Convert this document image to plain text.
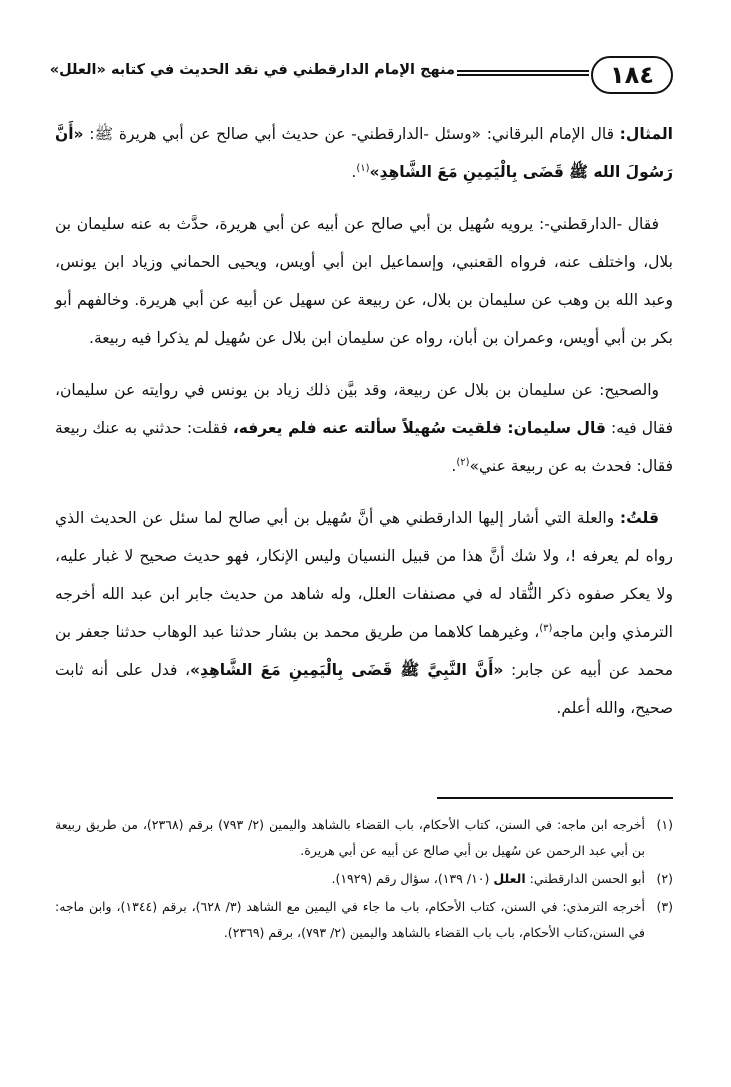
١٨٤
منهج الإمام الدارقطني في نقد الحديث في كتابه «العلل»

المثال: قال الإمام البرقاني: «وسئل -الدارقطني- عن حديث أبي صالح عن أبي هريرة ﷺ: «أَنَّ رَسُولَ الله ﷺ قَضَى بِالْيَمِينِ مَعَ الشَّاهِدِ»$^{(١)}$.

فقال -الدارقطني-: يرويه سُهيل بن أبي صالح عن أبيه عن أبي هريرة، حدَّث به عنه سليمان بن بلال، واختلف عنه، فرواه القعنبي، وإسماعيل ابن أبي أويس، ويحيى الحماني وزياد ابن يونس، وعبد الله بن وهب عن سليمان بن بلال، عن ربيعة عن سهيل عن أبيه عن أبي هريرة. وخالفهم أبو بكر بن أبي أويس، وعمران بن أبان، رواه عن سليمان ابن بلال عن سُهيل لم يذكرا فيه ربيعة.

والصحيح: عن سليمان بن بلال عن ربيعة، وقد بيَّن ذلك زياد بن يونس في روايته عن سليمان، فقال فيه: قال سليمان: فلقيت سُهيلاً سألته عنه فلم يعرفه، فقلت: حدثني به عنك ربيعة فقال: فحدث به عن ربيعة عني»$^{(٢)}$.

قلتُ: والعلة التي أشار إليها الدارقطني هي أنَّ سُهيل بن أبي صالح لما سئل عن الحديث الذي رواه لم يعرفه !، ولا شك أنَّ هذا من قبيل النسيان وليس الإنكار، فهو حديث صحيح لا غبار عليه، ولا يعكر صفوه ذكر النُّقاد له في مصنفات العلل، وله شاهد من حديث جابر ابن عبد الله أخرجه الترمذي وابن ماجه$^{(٣)}$، وغيرهما كلاهما من طريق محمد بن بشار حدثنا عبد الوهاب حدثنا جعفر بن محمد عن أبيه عن جابر: «أَنَّ النَّبِيَّ ﷺ قَضَى بِالْيَمِينِ مَعَ الشَّاهِدِ»، فدل على أنه ثابت صحيح، والله أعلم.

(١)
أخرجه ابن ماجه: في السنن، كتاب الأحكام، باب القضاء بالشاهد واليمين (٢/ ٧٩٣) برقم (٢٣٦٨)، من طريق ربيعة بن أبي عبد الرحمن عن سُهيل بن أبي صالح عن أبيه عن أبي هريرة.

(٢)
أبو الحسن الدارقطني: العلل (١٠/ ١٣٩)، سؤال رقم (١٩٢٩).

(٣)
أخرجه الترمذي: في السنن، كتاب الأحكام، باب ما جاء في اليمين مع الشاهد (٣/ ٦٢٨)، برقم (١٣٤٤)، وابن ماجه: في السنن،كتاب الأحكام، باب باب القضاء بالشاهد واليمين (٢/ ٧٩٣)، برقم (٢٣٦٩).
